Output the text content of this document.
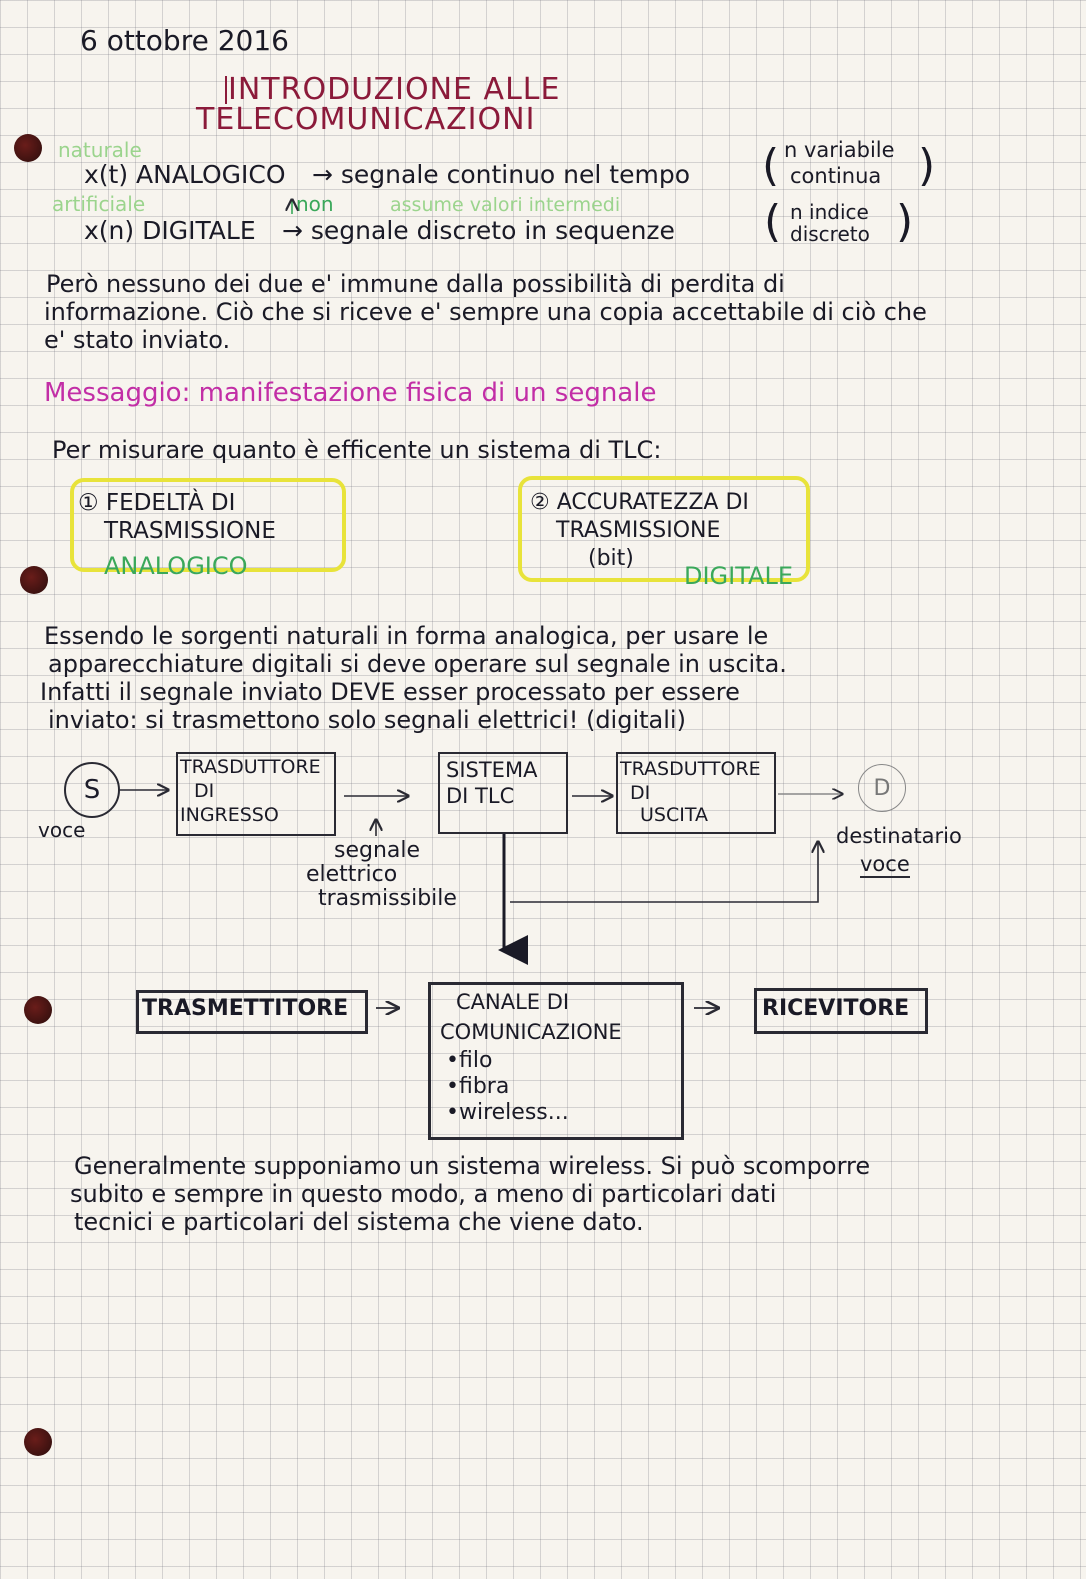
6 ottobre 2016
INTRODUZIONE ALLE
TELECOMUNICAZIONI
naturale
x(t) ANALOGICO → segnale continuo nel tempo ( n variabile
continua )
artificiale	non	assume valori intermedi
x(n) DIGITALE → segnale discreto in sequenze ( n indice
discreto )
Però nessuno dei due e' immune dalla possibilità di perdita di
informazione. Ciò che si riceve e' sempre una copia accettabile di ciò che
e' stato inviato.
Messaggio: manifestazione fisica di un segnale
Per misurare quanto è efficente un sistema di TLC:
① FEDELTÀ DI
TRASMISSIONE
ANALOGICO
② ACCURATEZZA DI
TRASMISSIONE
(bit)
DIGITALE
Essendo le sorgenti naturali in forma analogica, per usare le
apparecchiature digitali si deve operare sul segnale in uscita.
Infatti il segnale inviato DEVE esser processato per essere
inviato: si trasmettono solo segnali elettrici! (digitali)
S
voce
TRASDUTTORE
DI
INGRESSO
SISTEMA
DI TLC
TRASDUTTORE
DI
USCITA
D
destinatario
voce
segnale
elettrico
trasmissibile
TRASMETTITORE	CANALE DI
COMUNICAZIONE
•filo
•fibra
•wireless...
RICEVITORE
Generalmente supponiamo un sistema wireless. Si può scomporre
subito e sempre in questo modo, a meno di particolari dati
tecnici e particolari del sistema che viene dato.
